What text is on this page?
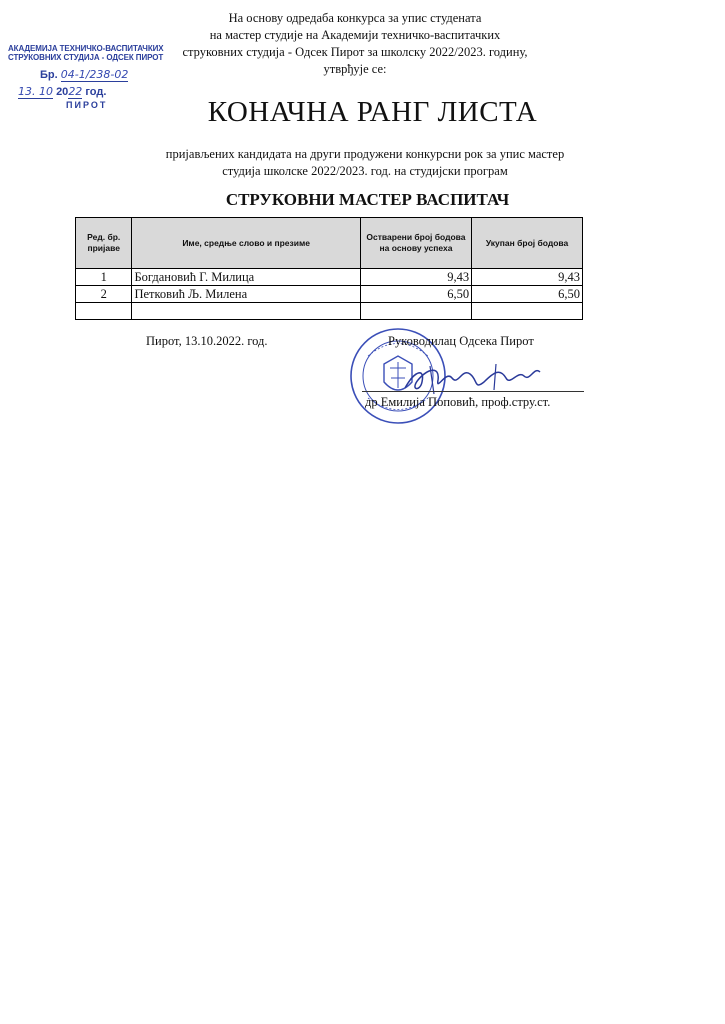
На основу одредаба конкурса за упис студената
на мастер студије на Академији техничко-васпитачких
струковних студија - Одсек Пирот за школску 2022/2023. годину,
утврђује се:
АКАДЕМИЈА ТЕХНИЧКО-ВАСПИТАЧКИХ
СТРУКОВНИХ СТУДИЈА - ОДСЕК ПИРОТ
Бр. 04-1/238-02
13. 10 2022 год.
ПИРОТ	КОНАЧНА РАНГ ЛИСТА
пријављених кандидата на други продужени конкурсни рок за упис мастер
студија школске 2022/2023. год. на студијски програм
СТРУКОВНИ МАСТЕР ВАСПИТАЧ
Ред. бр. пријаве	Име, средње слово и презиме	Остварени број бодова на основу успеха	Укупан број бодова
1	Богдановић Г. Милица	9,43	9,43
2	Петковић Љ. Милена	6,50	6,50

Пирот, 13.10.2022. год.	Руководилац Одсека Пирот
др Емилија Поповић, проф.стру.ст.
